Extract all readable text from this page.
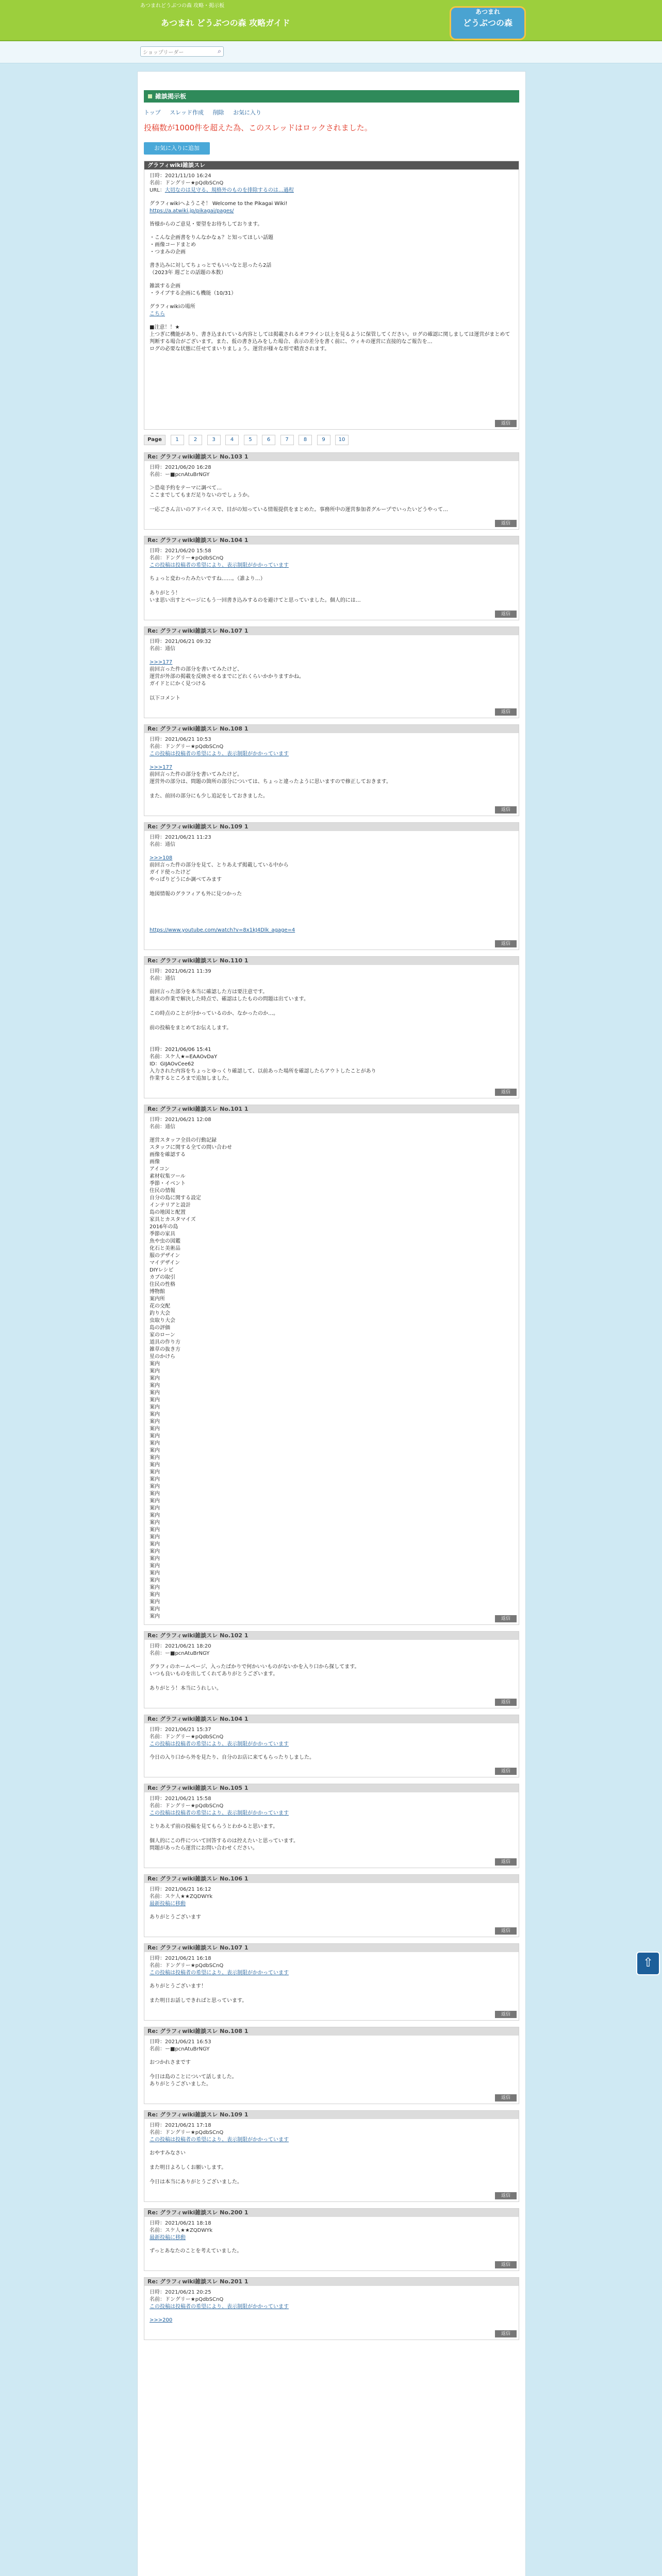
あつまれどうぶつの森 攻略・掲示板
あつまれ どうぶつの森 攻略ガイド
あつまれ
どうぶつの森
ショップリーダー	⌕
雑談掲示板
トップ スレッド作成 削除 お気に入り
投稿数が1000件を超えた為、このスレッドはロックされました。
お気に入りに追加
グラフィwiki雑談スレ
日時：2021/11/10 16:24
名前：ドングリー★pQdbSCnQ
URL：大切なのは見守る、規格外のものを排除するのは…過程
グラフィwikiへようこそ！ Welcome to the Pikagai Wiki!
https://a.atwiki.jp/pikagai/pages/
皆様からのご意見・要望をお待ちしております。
・こんな企画書をりんなかなぁ？と知ってほしい話題
・画像コードまとめ
・つまみの企画
書き込みに対してちょっとでもいいなと思ったら2話
（2023年 週ごとの話題の本数）
雑談する企画
・ライブする企画にも機能（10/31）
グラフィwikiの場所
こちら
■注意！！★
上つぎに機能があり、書き込まれている内容としては掲載されるオフライン以上を見るように保管してください。ログの確認に関しましては運営がまとめて判断する場合がございます。また、仮の書き込みをした場合、表示の差分を書く前に、ウィキの運営に直接的なご報告を…
ログの必要な状態に任せてまいりましょう。運営が様々な形で精査されます。
返信
Page	1	2	3	4	5	6	7	8	9	10
Re: グラフィwiki雑談スレ No.103 1
日時：2021/06/20 16:28
名前：ー■pcnAtuBrNGY
＞恐竜予約をテーマに調べて…
ここまでしてもまだ足りないのでしょうか。
一応ごさん言いのアドバイスで、目がの知っている情報提供をまとめた。事務所中の運営参加者グループでいったいどうやって…
返信
Re: グラフィwiki雑談スレ No.104 1
日時：2021/06/20 15:58
名前：ドングリー★pQdbSCnQ
この投稿は投稿者の希望により、表示制限がかかっています
ちょっと変わったみたいですね……。（誰より…）
ありがとう！
いま思い出すとページにもう一回書き込みするのを避けてと思っていました。個人的には…
返信
Re: グラフィwiki雑談スレ No.107 1
日時：2021/06/21 09:32
名前：通信
>>>177
前回言った件の部分を書いてみたけど、
運営が外部の掲載を反映させるまでにどれくらいかかりますかね。
ガイドとにかく見つける
以下コメント
返信
Re: グラフィwiki雑談スレ No.108 1
日時：2021/06/21 10:53
名前：ドングリー★pQdbSCnQ
この投稿は投稿者の希望により、表示制限がかかっています
>>>177
前回言った件の部分を書いてみたけど。
運営外の部分は、問題の箇所の部分については、ちょっと違ったように思いますので修正しておきます。
また、前回の部分にも少し追記をしておきました。
返信
Re: グラフィwiki雑談スレ No.109 1
日時：2021/06/21 11:23
名前：通信
>>>108
前回言った件の部分を見て、とりあえず掲載している中から
ガイド使ったけど
やっぱりどうにか調べてみます
地図情報のグラフィアも外に見つかった
https://www.youtube.com/watch?v=8x1kJ4Dlk_agage=4
返信
Re: グラフィwiki雑談スレ No.110 1
日時：2021/06/21 11:39
名前：通信
前回言った部分を本当に確認した方は要注意です。
週末の作業で解決した時点で、確認はしたものの問題は出ています。
この時点のことが分かっているのか、なかったのか…。
前の投稿をまとめてお伝えします。
日時：2021/06/06 15:41
名前：スケ人★=EAAOvDaY
ID：GIJAOvCee62
入力された内容をちょっとゆっくり確認して、以前あった場所を確認したらアウトしたことがあり
作業するところまで追加しました。
返信
Re: グラフィwiki雑談スレ No.101 1
日時：2021/06/21 12:08
名前：通信
運営スタッフ全員の行動記録
スタッフに関する全ての問い合わせ
画像を確認する
画像
アイコン
素材収集ツール
季節・イベント
住民の情報
自分の島に関する設定
インテリアと設計
島の地図と配置
家具とカスタマイズ
2016年の島
季節の家具
魚や虫の図鑑
化石と美術品
服のデザイン
マイデザイン
DIYレシピ
カブの取引
住民の性格
博物館
案内所
花の交配
釣り大会
虫取り大会
島の評価
家のローン
道具の作り方
雑草の抜き方
星のかけら
案内
案内
案内
案内
案内
案内
案内
案内
案内
案内
案内
案内
案内
案内
案内
案内
案内
案内
案内
案内
案内
案内
案内
案内
案内
案内
案内
案内
案内
案内
案内
案内
案内
案内
案内
案内	返信
Re: グラフィwiki雑談スレ No.102 1
日時：2021/06/21 18:20
名前：ー■pcnAtuBrNGY
グラフィのホームページ、入ったばかりで何かいいものがないかを入り口から探してます。
いつも良いものを出してくれてありがとうございます。
ありがとう！本当にうれしい。
返信
Re: グラフィwiki雑談スレ No.104 1
日時：2021/06/21 15:37
名前：ドングリー★pQdbSCnQ
この投稿は投稿者の希望により、表示制限がかかっています
今日の入り口から外を見たり、自分のお店に来てもらったりしました。
返信
Re: グラフィwiki雑談スレ No.105 1
日時：2021/06/21 15:58
名前：ドングリー★pQdbSCnQ
この投稿は投稿者の希望により、表示制限がかかっています
とりあえず前の投稿を見てもらうとわかると思います。
個人的にこの件について回答するのは控えたいと思っています。
問題があったら運営にお問い合わせください。
返信
Re: グラフィwiki雑談スレ No.106 1
日時：2021/06/21 16:12
名前：スケ人★★ZQDWYk
最新投稿に移動
ありがとうございます
返信
Re: グラフィwiki雑談スレ No.107 1
日時：2021/06/21 16:18
名前：ドングリー★pQdbSCnQ
この投稿は投稿者の希望により、表示制限がかかっています
ありがとうございます！
また明日お話しできればと思っています。
返信
Re: グラフィwiki雑談スレ No.108 1
日時：2021/06/21 16:53
名前：ー■pcnAtuBrNGY
おつかれさまです
今日は島のことについて話しました。
ありがとうございました。
返信
Re: グラフィwiki雑談スレ No.109 1
日時：2021/06/21 17:18
名前：ドングリー★pQdbSCnQ
この投稿は投稿者の希望により、表示制限がかかっています
おやすみなさい
また明日よろしくお願いします。
今日は本当にありがとうございました。
返信
Re: グラフィwiki雑談スレ No.200 1
日時：2021/06/21 18:18
名前：スケ人★★ZQDWYk
最新投稿に移動
ずっとあなたのことを考えていました。
返信
Re: グラフィwiki雑談スレ No.201 1
日時：2021/06/21 20:25
名前：ドングリー★pQdbSCnQ
この投稿は投稿者の希望により、表示制限がかかっています
>>>200
返信
⇧
